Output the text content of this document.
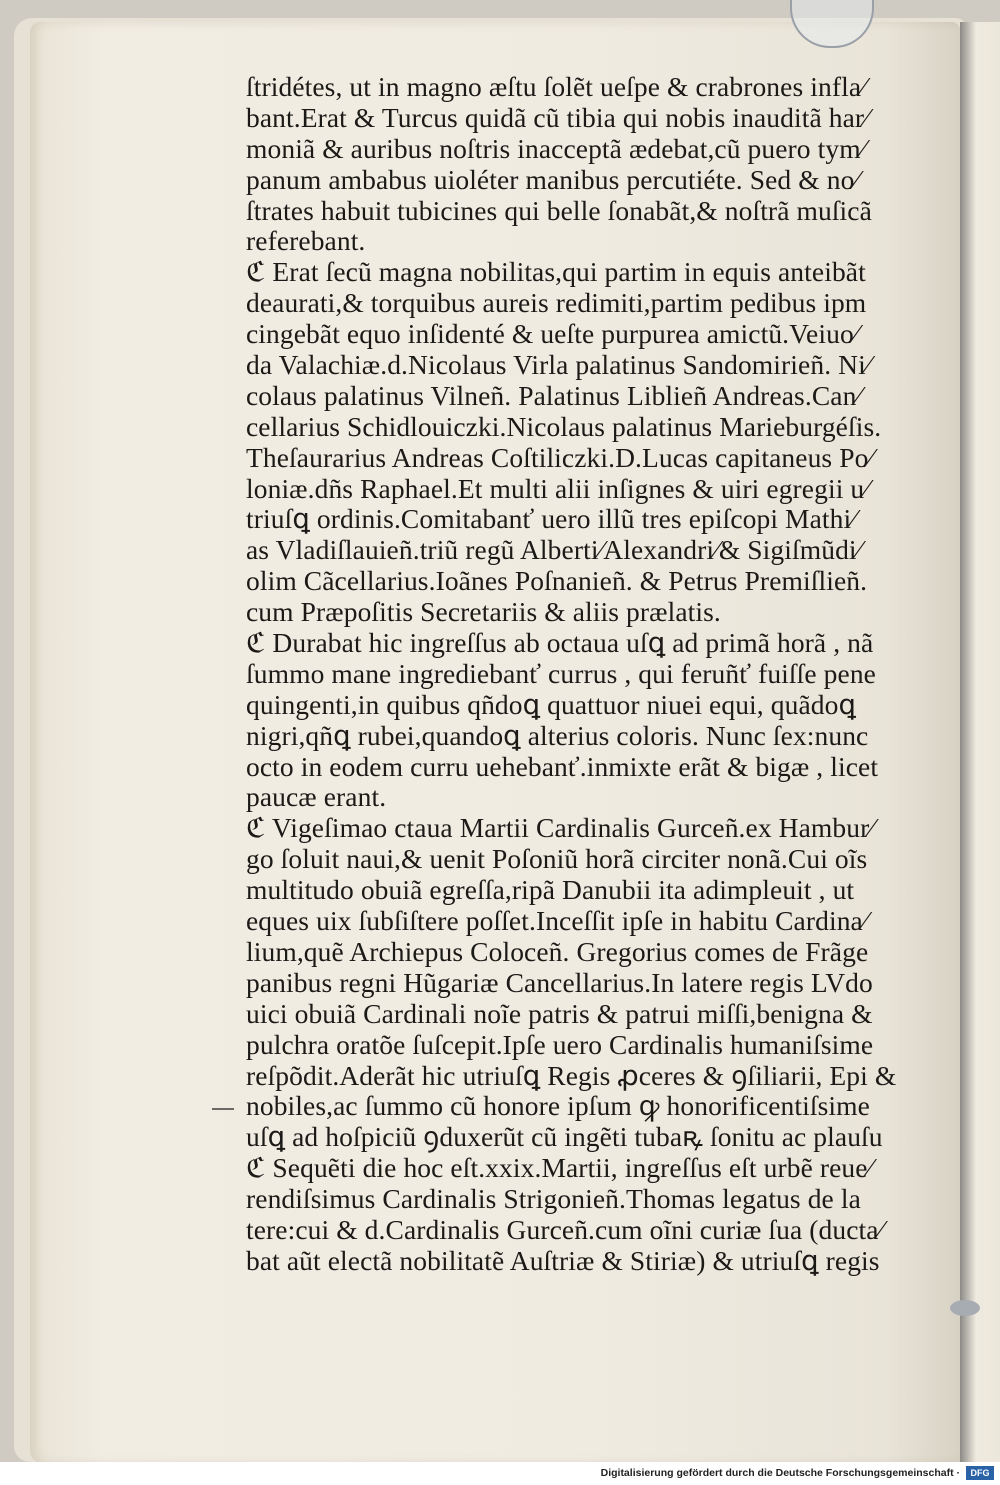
ſtridétes, ut in magno æſtu ſolẽt ueſpe & crabrones infla⁄
bant.Erat & Turcus quidã cũ tibia qui nobis inauditã har⁄
moniã & auribus noſtris inacceptã ædebat,cũ puero tym⁄
panum ambabus uioléter manibus percutiéte. Sed & no⁄
ſtrates habuit tubicines qui belle ſonabãt,& noſtrã muſicã
referebant.
ℭ Erat ſecũ magna nobilitas,qui partim in equis anteibãt
deaurati,& torquibus aureis redimiti,partim pedibus ipm
cingebãt equo inſidenté & ueſte purpurea amictũ.Veiuo⁄
da Valachiæ.d.Nicolaus Virla palatinus Sandomirieñ. Ni⁄
colaus palatinus Vilneñ. Palatinus Liblieñ Andreas.Can⁄
cellarius Schidlouiczki.Nicolaus palatinus Marieburgéſis.
Theſaurarius Andreas Coſtiliczki.D.Lucas capitaneus Po⁄
loniæ.dñs Raphael.Et multi alii inſignes & uiri egregii u⁄
triuſꝗ ordinis.Comitabanť uero illũ tres epiſcopi Mathi⁄
as Vladiſlauieñ.triũ regũ Alberti⁄Alexandri⁄& Sigiſmũdi⁄
olim Cãcellarius.Ioãnes Poſnanieñ. & Petrus Premiſlieñ.
cum Præpoſitis Secretariis & aliis prælatis.
ℭ Durabat hic ingreſſus ab octaua uſꝗ ad primã horã , nã
ſummo mane ingrediebanť currus , qui feruñť fuiſſe pene
quingenti,in quibus qñdoꝗ quattuor niuei equi, quãdoꝗ
nigri,qñꝗ rubei,quandoꝗ alterius coloris. Nunc ſex:nunc
octo in eodem curru uehebanť.inmixte erãt & bigæ , licet
paucæ erant.
ℭ Vigeſimao ctaua Martii Cardinalis Gurceñ.ex Hambur⁄
go ſoluit naui,& uenit Poſoniũ horã circiter nonã.Cui oĩs
multitudo obuiã egreſſa,ripã Danubii ita adimpleuit , ut
eques uix ſubſiſtere poſſet.Inceſſit ipſe in habitu Cardina⁄
lium,quẽ Archiepus Coloceñ. Gregorius comes de Frãge
panibus regni Hũgariæ Cancellarius.In latere regis LVdo
uici obuiã Cardinali noĩe patris & patrui miſſi,benigna &
pulchra oratõe ſuſcepit.Ipſe uero Cardinalis humaniſsime
reſpõdit.Aderãt hic utriuſꝗ Regis ꝓceres & ꝯſiliarii, Epi &
nobiles,ac ſummo cũ honore ipſum ꝙ honorificentiſsime
uſꝗ ad hoſpiciũ ꝯduxerũt cũ ingẽti tubaꝶ ſonitu ac plauſu
ℭ Sequẽti die hoc eſt.xxix.Martii, ingreſſus eſt urbẽ reue⁄
rendiſsimus Cardinalis Strigonieñ.Thomas legatus de la
tere:cui & d.Cardinalis Gurceñ.cum oĩni curiæ ſua (ducta⁄
bat aũt electã nobilitatẽ Auſtriæ & Stiriæ) & utriuſꝗ regis
Digitalisierung gefördert durch die Deutsche Forschungsgemeinschaft ·	DFG
